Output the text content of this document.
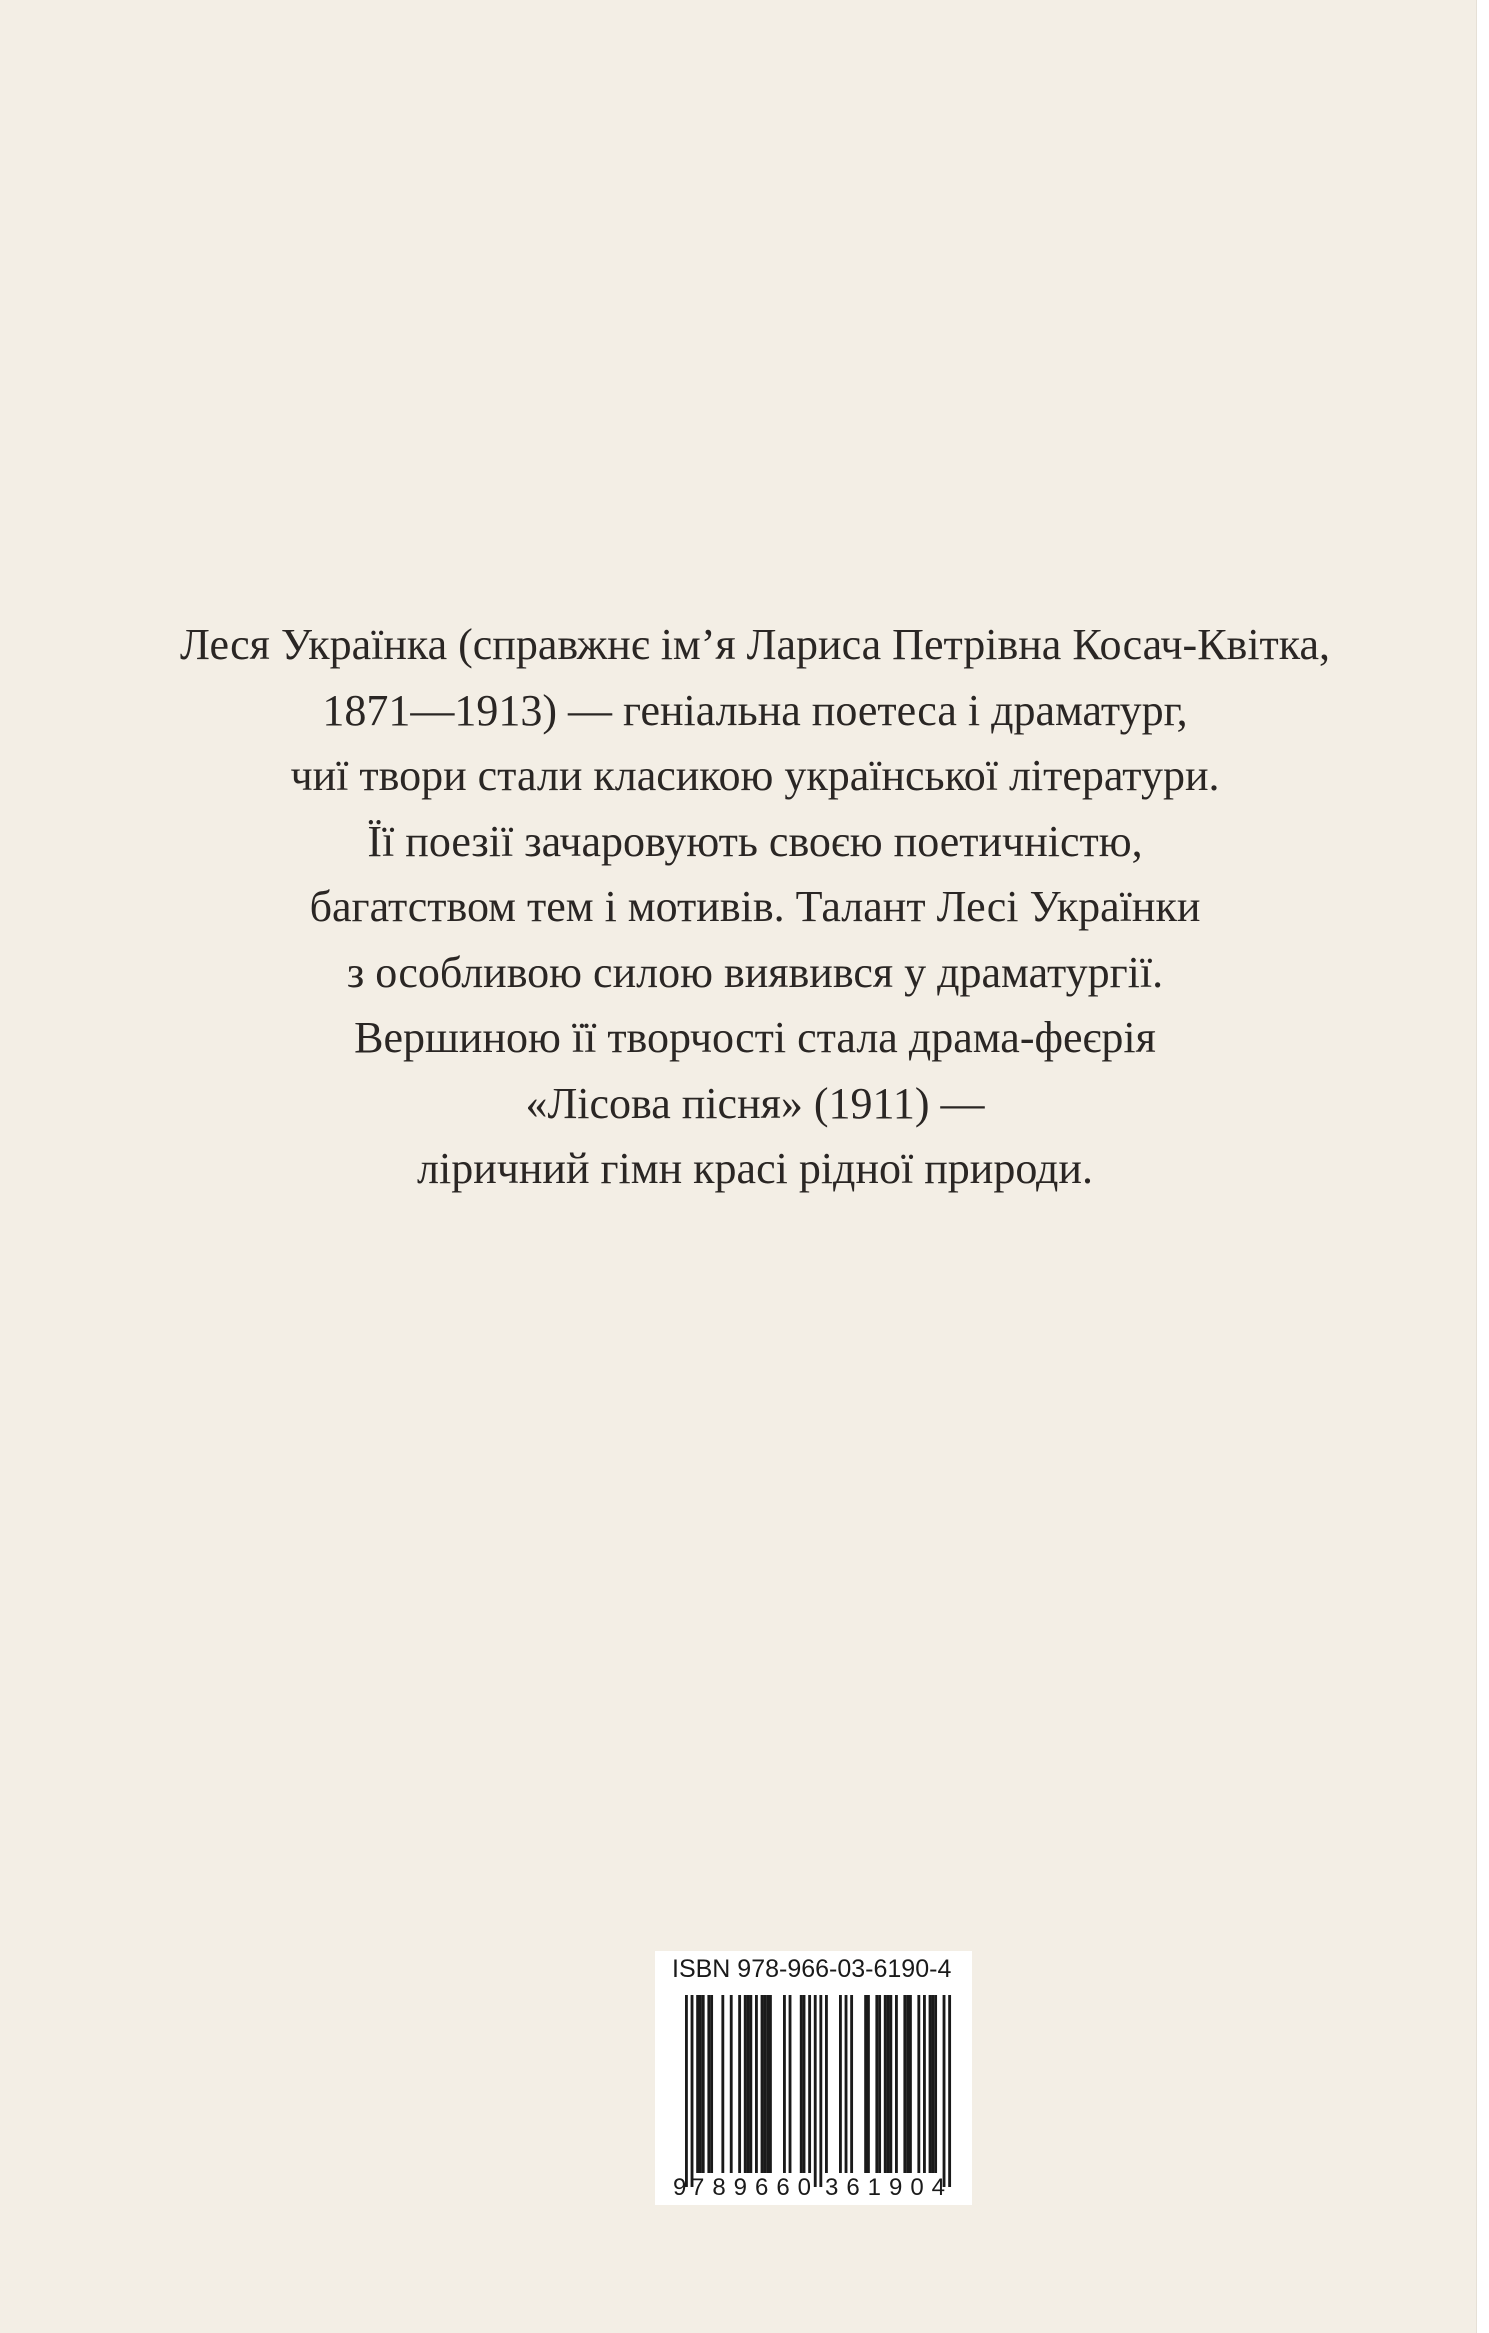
Леся Українка (справжнє ім’я Лариса Петрівна Косач-Квітка,
1871—1913) — геніальна поетеса і драматург,
чиї твори стали класикою української літератури.
Її поезії зачаровують своєю поетичністю,
багатством тем і мотивів. Талант Лесі Українки
з особливою силою виявився у драматургії.
Вершиною її творчості стала драма-феєрія
«Лісова пісня» (1911) —
ліричний гімн красі рідної природи.
9 789660 361904
ISBN 978-966-03-6190-4
